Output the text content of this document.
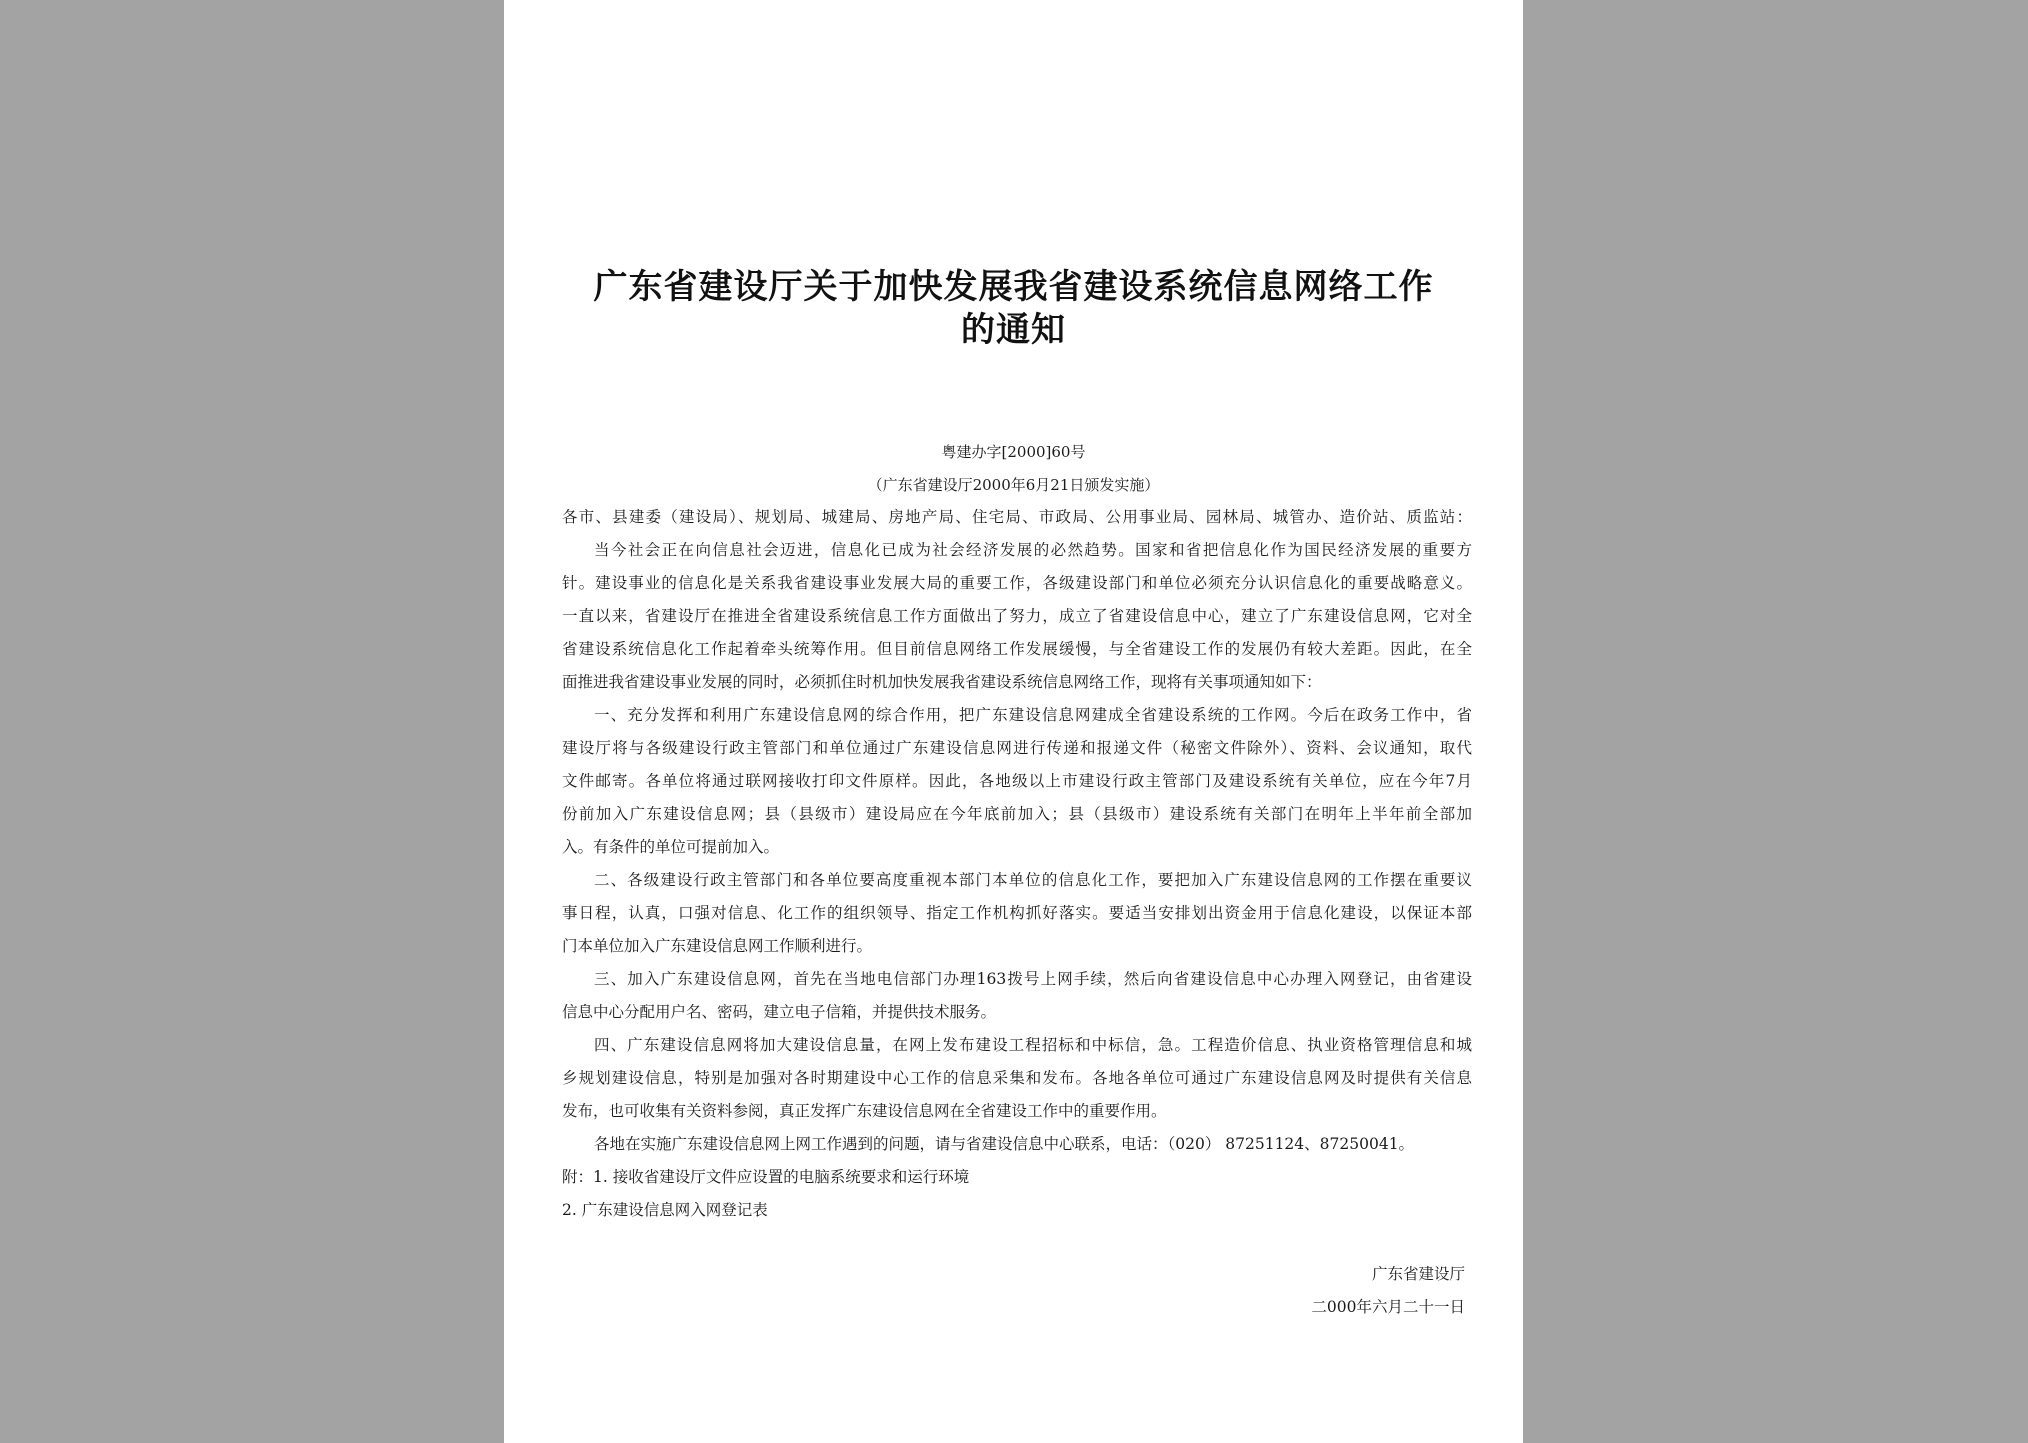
广东省建设厅关于加快发展我省建设系统信息网络工作
的通知
粤建办字[2000]60号
（广东省建设厅2000年6月21日颁发实施）
各市、县建委（建设局）、规划局、城建局、房地产局、住宅局、市政局、公用事业局、园林局、城管办、造价站、质监站：
当今社会正在向信息社会迈进，信息化已成为社会经济发展的必然趋势。国家和省把信息化作为国民经济发展的重要方
针。建设事业的信息化是关系我省建设事业发展大局的重要工作，各级建设部门和单位必须充分认识信息化的重要战略意义。
一直以来，省建设厅在推进全省建设系统信息工作方面做出了努力，成立了省建设信息中心，建立了广东建设信息网，它对全
省建设系统信息化工作起着牵头统筹作用。但目前信息网络工作发展缓慢，与全省建设工作的发展仍有较大差距。因此，在全
面推进我省建设事业发展的同时，必须抓住时机加快发展我省建设系统信息网络工作，现将有关事项通知如下：
一、充分发挥和利用广东建设信息网的综合作用，把广东建设信息网建成全省建设系统的工作网。今后在政务工作中，省
建设厅将与各级建设行政主管部门和单位通过广东建设信息网进行传递和报递文件（秘密文件除外）、资料、会议通知，取代
文件邮寄。各单位将通过联网接收打印文件原样。因此，各地级以上市建设行政主管部门及建设系统有关单位，应在今年7月
份前加入广东建设信息网；县（县级市）建设局应在今年底前加入；县（县级市）建设系统有关部门在明年上半年前全部加
入。有条件的单位可提前加入。
二、各级建设行政主管部门和各单位要高度重视本部门本单位的信息化工作，要把加入广东建设信息网的工作摆在重要议
事日程，认真，口强对信息、化工作的组织领导、指定工作机构抓好落实。要适当安排划出资金用于信息化建设，以保证本部
门本单位加入广东建设信息网工作顺利进行。
三、加入广东建设信息网，首先在当地电信部门办理163拨号上网手续，然后向省建设信息中心办理入网登记，由省建设
信息中心分配用户名、密码，建立电子信箱，并提供技术服务。
四、广东建设信息网将加大建设信息量，在网上发布建设工程招标和中标信，急。工程造价信息、执业资格管理信息和城
乡规划建设信息，特别是加强对各时期建设中心工作的信息采集和发布。各地各单位可通过广东建设信息网及时提供有关信息
发布，也可收集有关资料参阅，真正发挥广东建设信息网在全省建设工作中的重要作用。
各地在实施广东建设信息网上网工作遇到的问题，请与省建设信息中心联系，电话：（020） 87251124、87250041。
附：1. 接收省建设厅文件应设置的电脑系统要求和运行环境
2. 广东建设信息网入网登记表
广东省建设厅
二000年六月二十一日
